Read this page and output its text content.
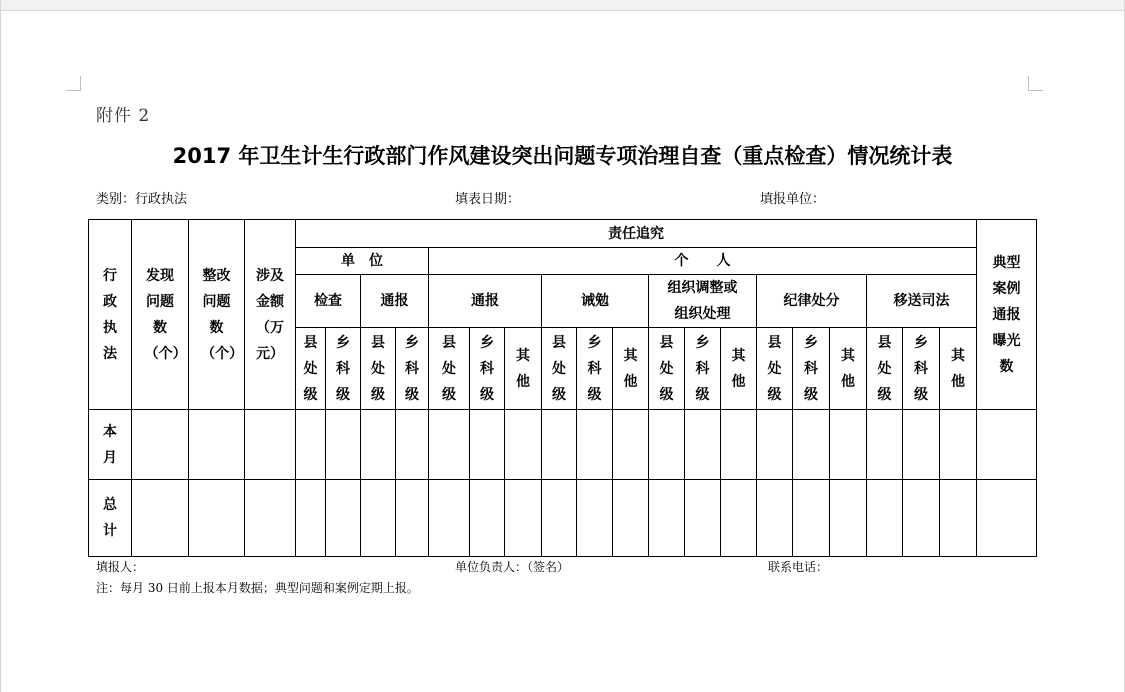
附件 2
2017 年卫生计生行政部门作风建设突出问题专项治理自查（重点检查）情况统计表
类别：行政执法	填表日期：	填报单位：
行政执法	发现问题数（个）	整改问题数（个）	涉及金额（万元）	责任追究																			典型案例通报曝光数

				单　位				个　　人															
				检查		通报		通报			诫勉			组织调整或组织处理			纪律处分			移送司法			

				县处级	乡科级	县处级	乡科级	县处级	乡科级	其他	县处级	乡科级	其他	县处级	乡科级	其他	县处级	乡科级	其他	县处级	乡科级	其他	

本月																							

总计																							

填报人：	单位负责人：（签名）	联系电话：
注：每月 30 日前上报本月数据；典型问题和案例定期上报。
